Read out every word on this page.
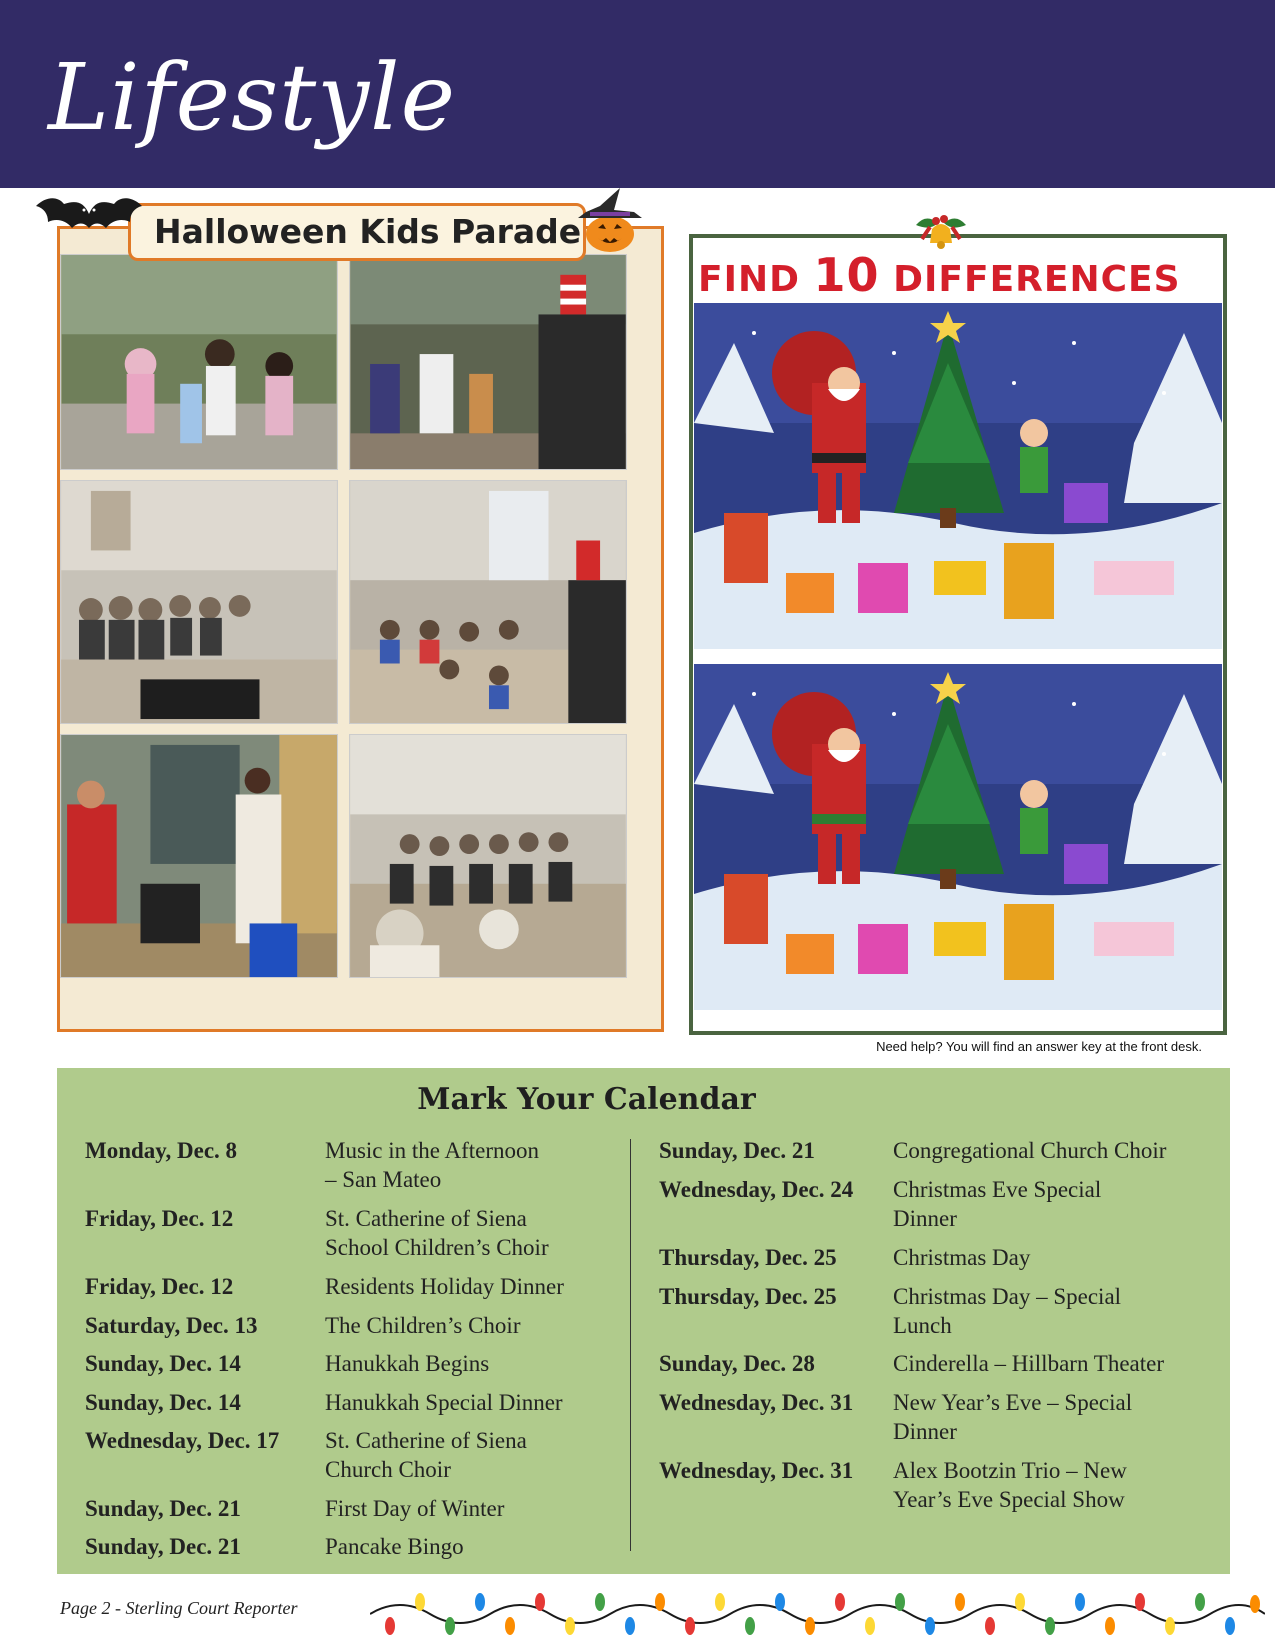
Lifestyle
Halloween Kids Parade
FIND 10 DIFFERENCES
Need help? You will find an answer key at the front desk.
Mark Your Calendar
Monday, Dec. 8	Music in the Afternoon
– San Mateo
Friday, Dec. 12	St. Catherine of Siena
School Children’s Choir
Friday, Dec. 12	Residents Holiday Dinner
Saturday, Dec. 13	The Children’s Choir
Sunday, Dec. 14	Hanukkah Begins
Sunday, Dec. 14	Hanukkah Special Dinner
Wednesday, Dec. 17 St. Catherine of Siena
Church Choir
Sunday, Dec. 21	First Day of Winter
Sunday, Dec. 21	Pancake Bingo
Sunday, Dec. 21	Congregational Church Choir
Wednesday, Dec. 24 Christmas Eve Special
Dinner
Thursday, Dec. 25 Christmas Day
Thursday, Dec. 25 Christmas Day – Special
Lunch
Sunday, Dec. 28	Cinderella – Hillbarn Theater
Wednesday, Dec. 31 New Year’s Eve – Special
Dinner
Wednesday, Dec. 31 Alex Bootzin Trio – New
Year’s Eve Special Show
Page 2 - Sterling Court Reporter
